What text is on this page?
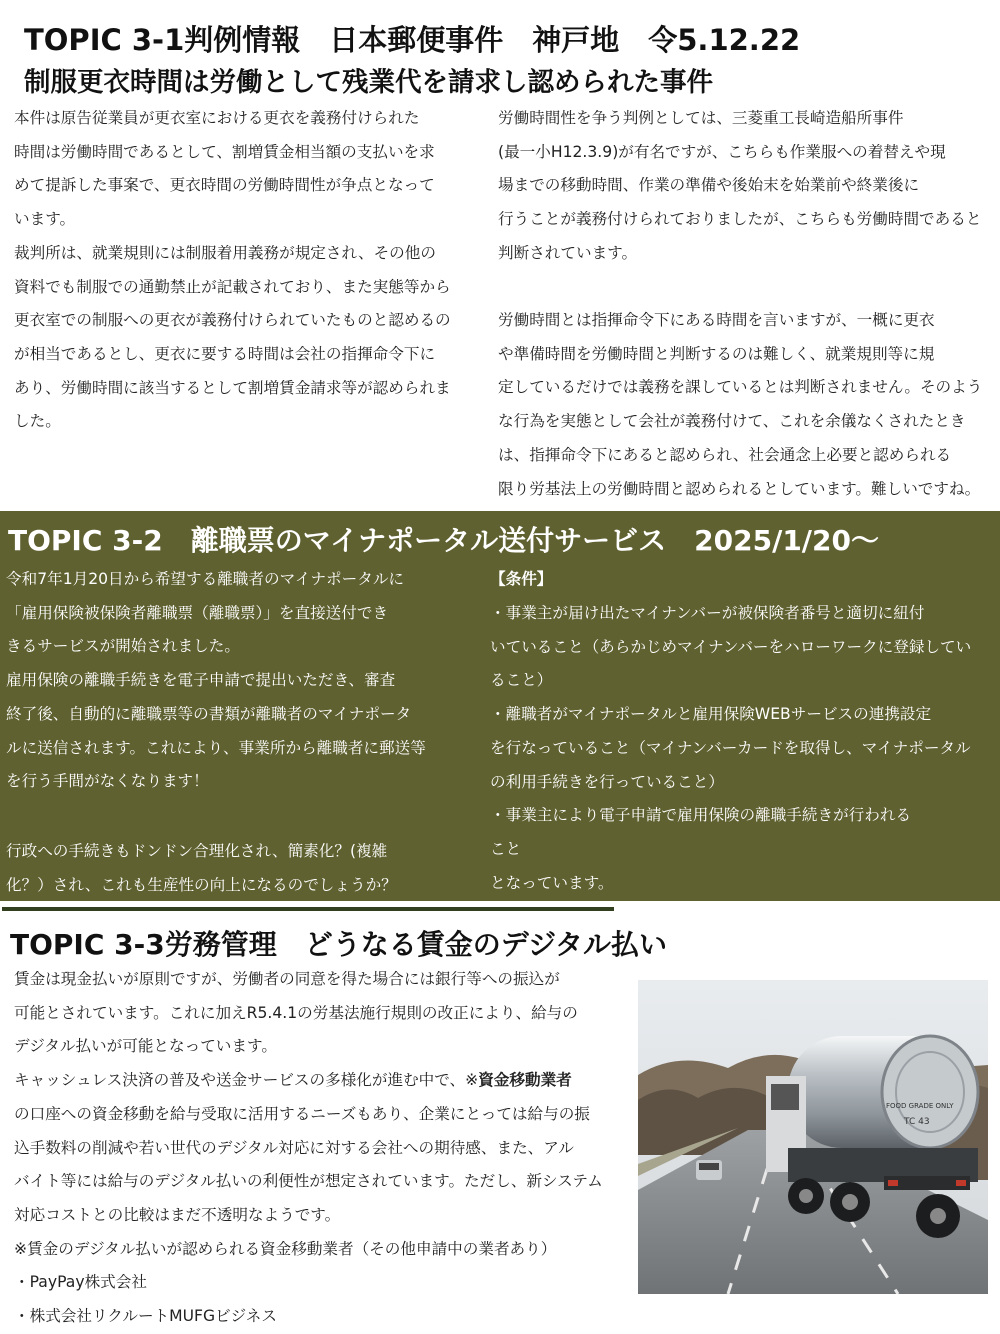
TOPIC 3-1判例情報　日本郵便事件　神戸地　令5.12.22
制服更衣時間は労働として残業代を請求し認められた事件

本件は原告従業員が更衣室における更衣を義務付けられた
時間は労働時間であるとして、割増賃金相当額の支払いを求
めて提訴した事案で、更衣時間の労働時間性が争点となって
います。
裁判所は、就業規則には制服着用義務が規定され、その他の
資料でも制服での通勤禁止が記載されており、また実態等から
更衣室での制服への更衣が義務付けられていたものと認めるの
が相当であるとし、更衣に要する時間は会社の指揮命令下に
あり、労働時間に該当するとして割増賃金請求等が認められま
した。

労働時間性を争う判例としては、三菱重工長崎造船所事件
(最一小H12.3.9)が有名ですが、こちらも作業服への着替えや現
場までの移動時間、作業の準備や後始末を始業前や終業後に
行うことが義務付けられておりましたが、こちらも労働時間であると
判断されています。

労働時間とは指揮命令下にある時間を言いますが、一概に更衣
や準備時間を労働時間と判断するのは難しく、就業規則等に規
定しているだけでは義務を課しているとは判断されません。そのよう
な行為を実態として会社が義務付けて、これを余儀なくされたとき
は、指揮命令下にあると認められ、社会通念上必要と認められる
限り労基法上の労働時間と認められるとしています。難しいですね。

TOPIC 3-2　離職票のマイナポータル送付サービス　2025/1/20～

令和7年1月20日から希望する離職者のマイナポータルに
「雇用保険被保険者離職票（離職票）」を直接送付でき
きるサービスが開始されました。
雇用保険の離職手続きを電子申請で提出いただき、審査
終了後、自動的に離職票等の書類が離職者のマイナポータ
ルに送信されます。これにより、事業所から離職者に郵送等
を行う手間がなくなります！

行政への手続きもドンドン合理化され、簡素化？(複雑
化？）され、これも生産性の向上になるのでしょうか？

【条件】

・事業主が届け出たマイナンバーが被保険者番号と適切に紐付
いていること（あらかじめマイナンバーをハローワークに登録してい
ること）
・離職者がマイナポータルと雇用保険WEBサービスの連携設定
を行なっていること（マイナンバーカードを取得し、マイナポータル
の利用手続きを行っていること）
・事業主により電子申請で雇用保険の離職手続きが行われる
こと
となっています。

TOPIC 3-3労務管理　どうなる賃金のデジタル払い

賃金は現金払いが原則ですが、労働者の同意を得た場合には銀行等への振込が
可能とされています。これに加えR5.4.1の労基法施行規則の改正により、給与の
デジタル払いが可能となっています。
キャッシュレス決済の普及や送金サービスの多様化が進む中で、※資金移動業者
の口座への資金移動を給与受取に活用するニーズもあり、企業にとっては給与の振
込手数料の削減や若い世代のデジタル対応に対する会社への期待感、また、アル
バイト等には給与のデジタル払いの利便性が想定されています。ただし、新システム
対応コストとの比較はまだ不透明なようです。
※賃金のデジタル払いが認められる資金移動業者（その他申請中の業者あり）
・PayPay株式会社
・株式会社リクルートMUFGビジネス

FOOD GRADE ONLY
TC 43
